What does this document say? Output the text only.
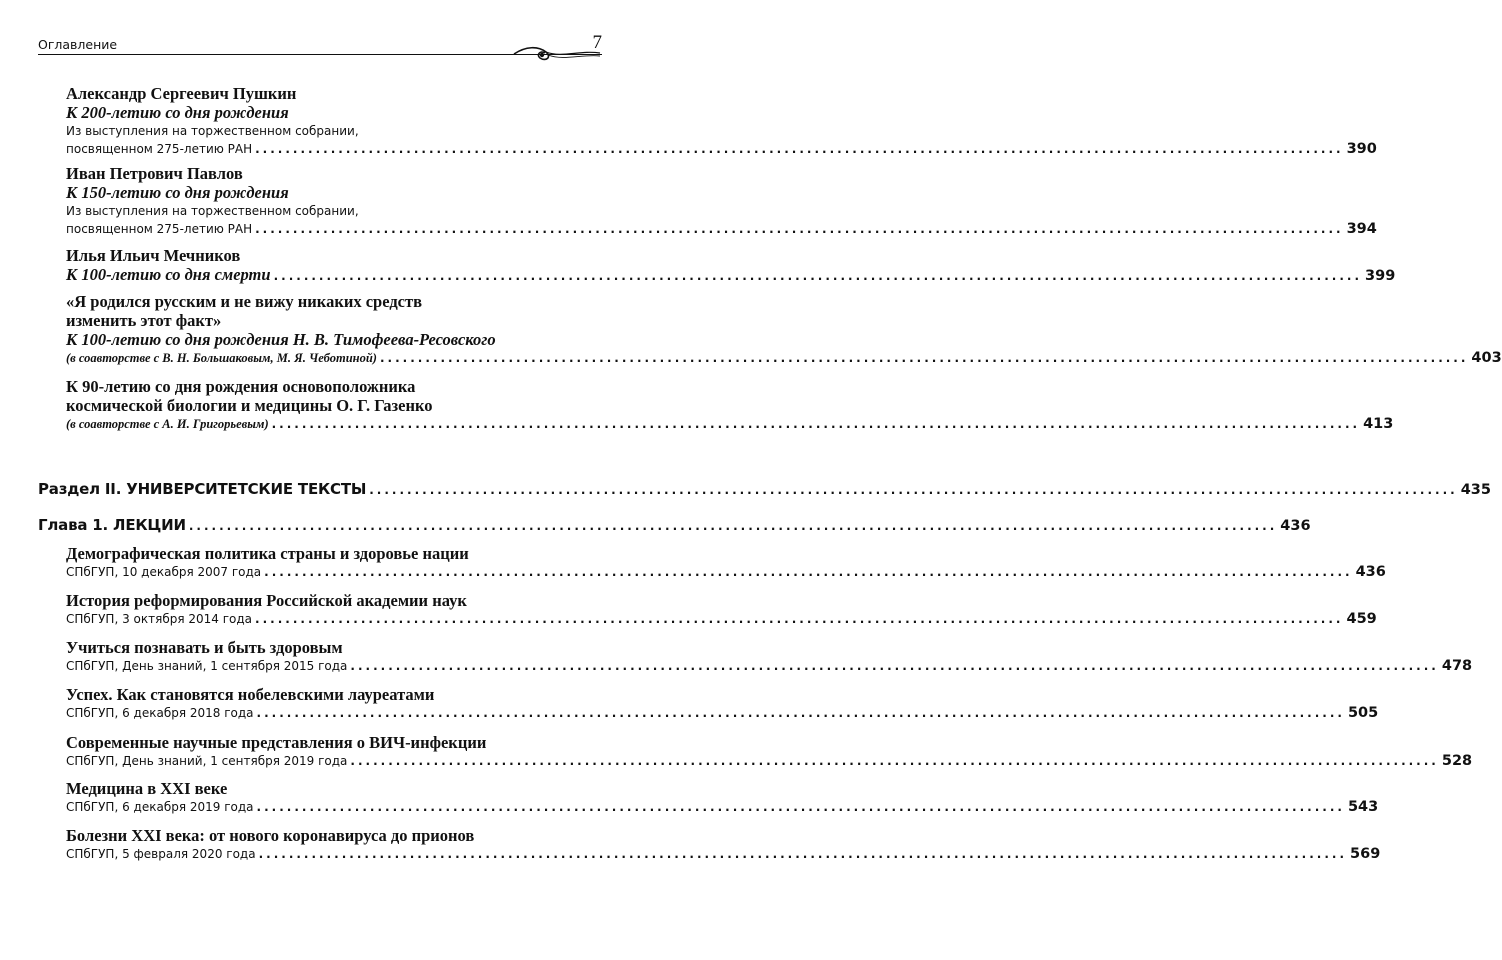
Оглавление	7
Александр Сергеевич Пушкин
К 200-летию со дня рождения
Из выступления на торжественном собрании,
посвященном 275-летию РАН ................................................................................................................................................ 390
Иван Петрович Павлов
К 150-летию со дня рождения
Из выступления на торжественном собрании,
посвященном 275-летию РАН ................................................................................................................................................ 394
Илья Ильич Мечников
К 100-летию со дня смерти ................................................................................................................................................ 399
«Я родился русским и не вижу никаких средств
изменить этот факт»
К 100-летию со дня рождения Н. В. Тимофеева-Ресовского
(в соавторстве с В. Н. Большаковым, М. Я. Чеботиной) ................................................................................................................................................ 403
К 90-летию со дня рождения основоположника
космической биологии и медицины О. Г. Газенко
(в соавторстве с А. И. Григорьевым) ................................................................................................................................................ 413
Раздел II. УНИВЕРСИТЕТСКИЕ ТЕКСТЫ ................................................................................................................................................ 435
Глава 1. ЛЕКЦИИ ................................................................................................................................................ 436
Демографическая политика страны и здоровье нации
СПбГУП, 10 декабря 2007 года ................................................................................................................................................ 436
История реформирования Российской академии наук
СПбГУП, 3 октября 2014 года ................................................................................................................................................ 459
Учиться познавать и быть здоровым
СПбГУП, День знаний, 1 сентября 2015 года ................................................................................................................................................ 478
Успех. Как становятся нобелевскими лауреатами
СПбГУП, 6 декабря 2018 года ................................................................................................................................................ 505
Современные научные представления о ВИЧ-инфекции
СПбГУП, День знаний, 1 сентября 2019 года ................................................................................................................................................ 528
Медицина в XXI веке
СПбГУП, 6 декабря 2019 года ................................................................................................................................................ 543
Болезни XXI века: от нового коронавируса до прионов
СПбГУП, 5 февраля 2020 года ................................................................................................................................................ 569
